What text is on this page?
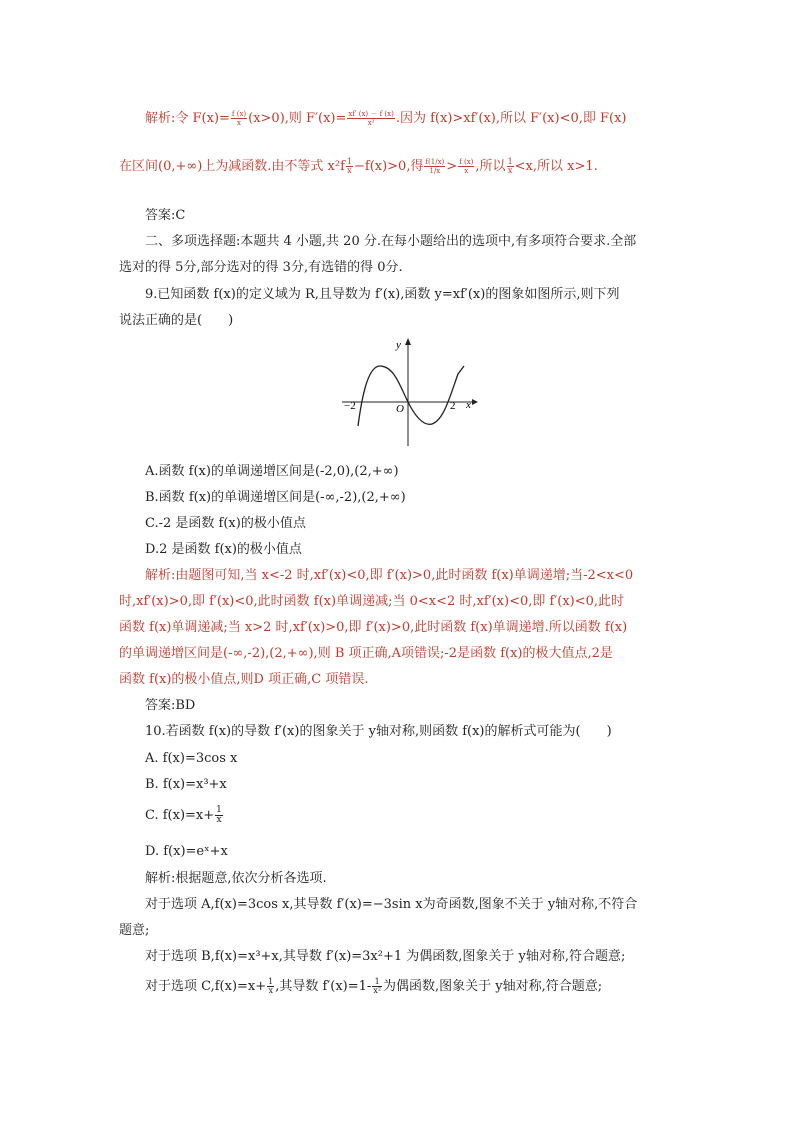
解析:令 $F(x)= \frac{f (x)}{x} (x>0)$,则 $F'(x)= \frac{xf' (x) - f (x)}{\text{x²}}$ .因为 f(x)>xf′(x),所以 F′(x)<0,即 F(x)
在区间(0,+∞)上为减函数.由不等式 $x^2f \frac{1}{x} -f(x)>0$,得 $\frac{f(1/x)}{1/x} > \frac{f (x)}{x}$ ,所以 $\frac{1}{x} <x$,所以 x>1.
答案:C
二、多项选择题:本题共 4 小题,共 20 分.在每小题给出的选项中,有多项符合要求.全部
选对的得 5分,部分选对的得 3分,有选错的得 0分.
9.已知函数 f(x)的定义域为 R,且导数为 f′(x),函数 y=xf′(x)的图象如图所示,则下列
说法正确的是(　　)
y
x
O
−2	2
A.函数 f(x)的单调递增区间是(-2,0),(2,+∞)
B.函数 f(x)的单调递增区间是(-∞,-2),(2,+∞)
C.-2 是函数 f(x)的极小值点
D.2 是函数 f(x)的极小值点
解析:由题图可知,当 x<-2 时,xf′(x)<0,即 f′(x)>0,此时函数 f(x)单调递增;当-2<x<0
时,xf′(x)>0,即 f′(x)<0,此时函数 f(x)单调递减;当 0<x<2 时,xf′(x)<0,即 f′(x)<0,此时
函数 f(x)单调递减;当 x>2 时,xf′(x)>0,即 f′(x)>0,此时函数 f(x)单调递增.所以函数 f(x)
的单调递增区间是(-∞,-2),(2,+∞),则 B 项正确,A项错误;-2是函数 f(x)的极大值点,2是
函数 f(x)的极小值点,则D 项正确,C 项错误.
答案:BD
10.若函数 f(x)的导数 f′(x)的图象关于 y轴对称,则函数 f(x)的解析式可能为(　　)
A. f(x)=3cos x
B. f(x)=x³+x
C. $f(x)=x+ \frac{1}{x}$
D. f(x)=eˣ+x
解析:根据题意,依次分析各选项.
对于选项 A,f(x)=3cos x,其导数 f′(x)=−3sin x为奇函数,图象不关于 y轴对称,不符合
题意;
对于选项 B,f(x)=x³+x,其导数 f′(x)=3x²+1 为偶函数,图象关于 y轴对称,符合题意;
对于选项 $C,f(x)=x+ \frac{1}{x}$ ,其导数 $f'(x)=1- \frac{1}{\text{x²}}$ 为偶函数,图象关于 y轴对称,符合题意;
